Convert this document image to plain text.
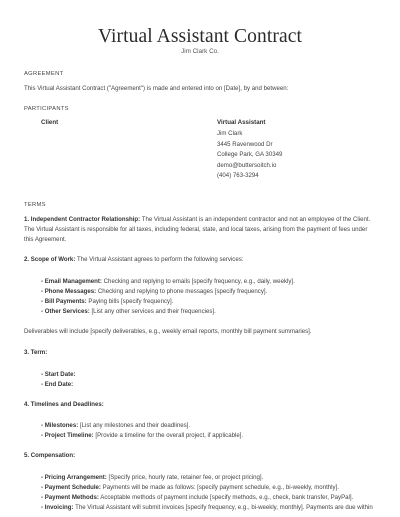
Virtual Assistant Contract
Jim Clark Co.
AGREEMENT
This Virtual Assistant Contract ("Agreement") is made and entered into on [Date], by and between:
PARTICIPANTS
Client	Virtual Assistant
Jim Clark
3445 Ravenwood Dr
College Park, GA 30349
demo@buttersoitch.io
(404) 763-3294
TERMS
1. Independent Contractor Relationship: The Virtual Assistant is an independent contractor and not an employee of the Client.
The Virtual Assistant is responsible for all taxes, including federal, state, and local taxes, arising from the payment of fees under
this Agreement.
2. Scope of Work: The Virtual Assistant agrees to perform the following services:
- Email Management: Checking and replying to emails [specify frequency, e.g., daily, weekly].
- Phone Messages: Checking and replying to phone messages [specify frequency].
- Bill Payments: Paying bills [specify frequency].
- Other Services: [List any other services and their frequencies].
Deliverables will include [specify deliverables, e.g., weekly email reports, monthly bill payment summaries].
3. Term:
- Start Date:
- End Date:
4. Timelines and Deadlines:
- Milestones: [List any milestones and their deadlines].
- Project Timeline: [Provide a timeline for the overall project, if applicable].
5. Compensation:
- Pricing Arrangement: [Specify price, hourly rate, retainer fee, or project pricing].
- Payment Schedule: Payments will be made as follows: [specify payment schedule, e.g., bi-weekly, monthly].
- Payment Methods: Acceptable methods of payment include [specify methods, e.g., check, bank transfer, PayPal].
- Invoicing: The Virtual Assistant will submit invoices [specify frequency, e.g., bi-weekly, monthly]. Payments are due within
